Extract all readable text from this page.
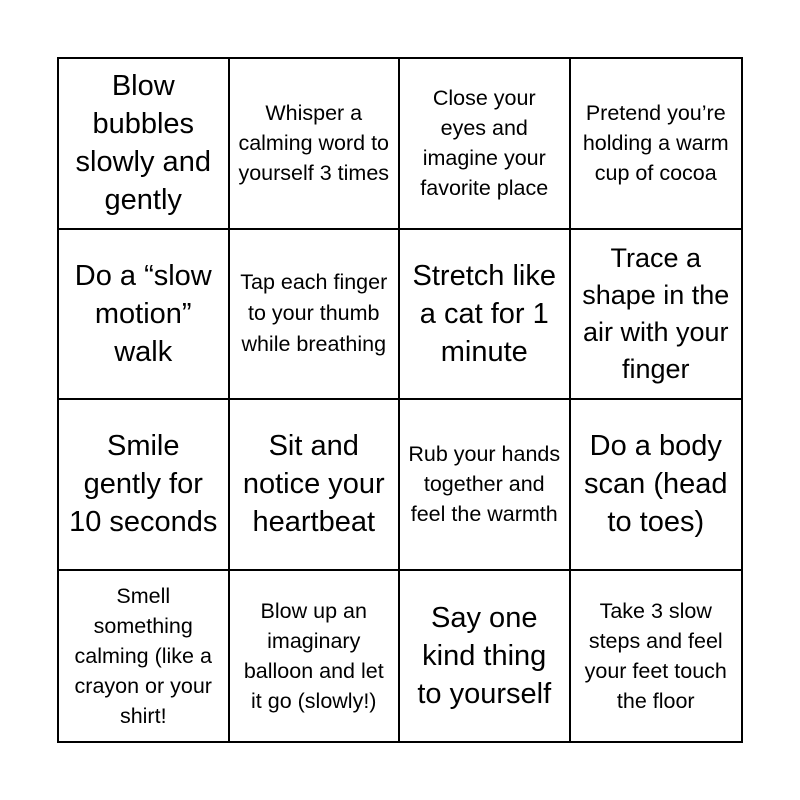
Blow bubbles slowly and gently
Whisper a calming word to yourself 3 times
Close your eyes and imagine your favorite place
Pretend you’re holding a warm cup of cocoa
Do a “slow motion” walk
Tap each finger to your thumb while breathing
Stretch like a cat for 1 minute
Trace a shape in the air with your finger
Smile gently for 10 seconds
Sit and notice your heartbeat
Rub your hands together and feel the warmth
Do a body scan (head to toes)
Smell something calming (like a crayon or your shirt!
Blow up an imaginary balloon and let it go (slowly!)
Say one kind thing to yourself
Take 3 slow steps and feel your feet touch the floor
